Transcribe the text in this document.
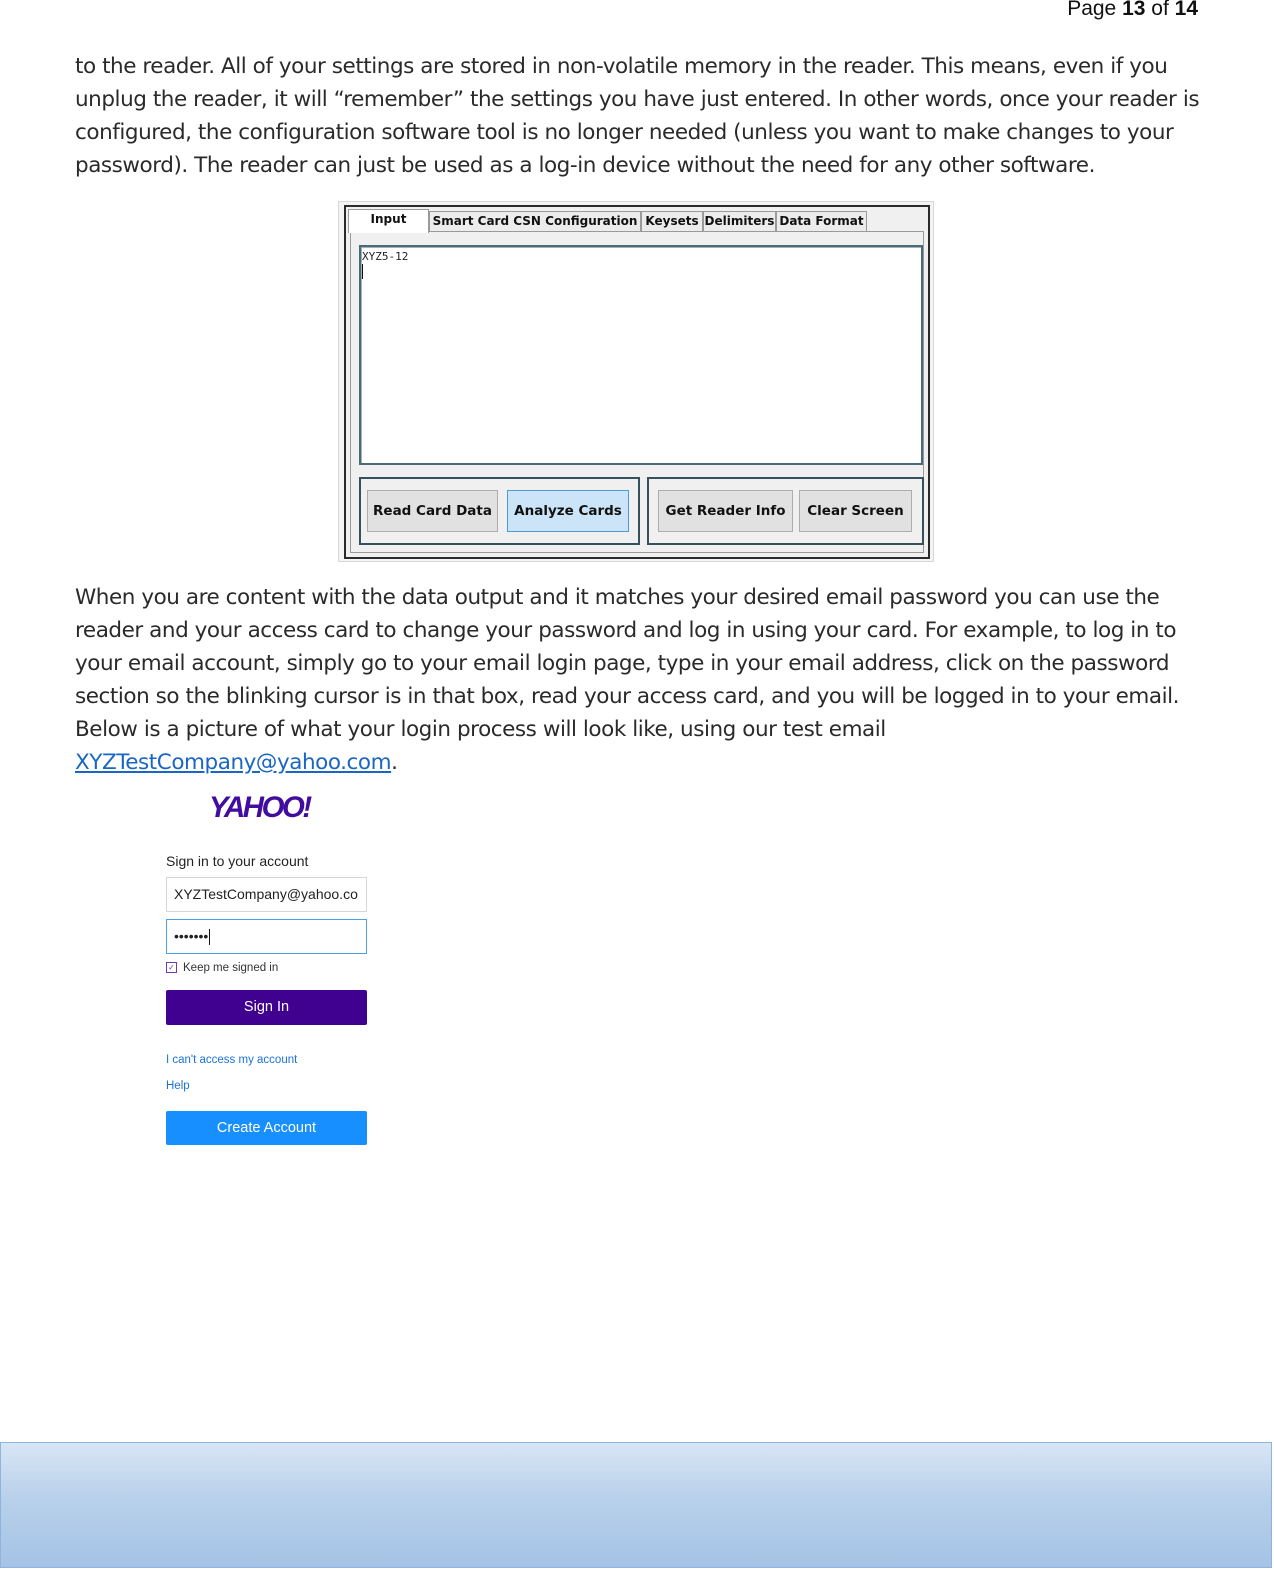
Page 13 of 14

to the reader. All of your settings are stored in non-volatile memory in the reader. This means, even if you unplug the reader, it will “remember” the settings you have just entered. In other words, once your reader is configured, the configuration software tool is no longer needed (unless you want to make changes to your password). The reader can just be used as a log-in device without the need for any other software.

Input	Smart Card CSN Configuration Keysets Delimiters Data Format
XYZ5-12
Read Card Data	Analyze Cards	Get Reader Info	Clear Screen

When you are content with the data output and it matches your desired email password you can use the reader and your access card to change your password and log in using your card. For example, to log in to your email account, simply go to your email login page, type in your email address, click on the password section so the blinking cursor is in that box, read your access card, and you will be logged in to your email. Below is a picture of what your login process will look like, using our test email XYZTestCompany@yahoo.com.

YAHOO!
Sign in to your account
XYZTestCompany@yahoo.co
•••••••
✓ Keep me signed in
Sign In
I can't access my account
Help
Create Account
